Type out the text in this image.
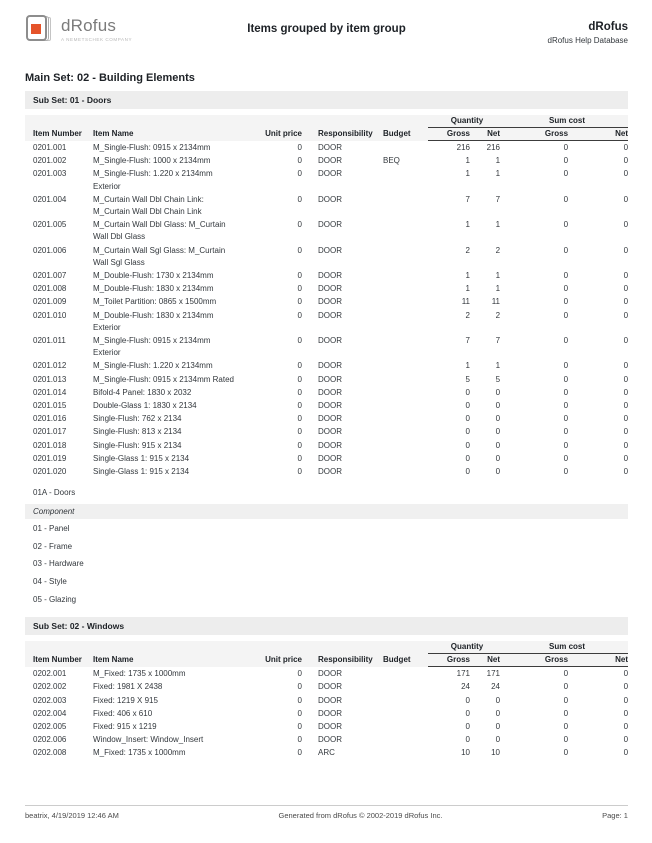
dRofus
A NEMETSCHEK COMPANY
Items grouped by item group	dRofus
dRofus Help Database
Main Set: 02 - Building Elements
Sub Set: 01 - Doors
					Quantity		Sum cost	
Item Number	Item Name	Unit price	Responsibility	Budget	Gross	Net	Gross	Net

0201.001	M_Single-Flush: 0915 x 2134mm	0	DOOR		216	216	0	0

0201.002	M_Single-Flush: 1000 x 2134mm	0	DOOR	BEQ	1	1	0	0

0201.003	M_Single-Flush: 1.220 x 2134mm
Exterior	0	DOOR		1	1	0	0

0201.004	M_Curtain Wall Dbl Chain Link:
M_Curtain Wall Dbl Chain Link	0	DOOR		7	7	0	0

0201.005	M_Curtain Wall Dbl Glass: M_Curtain
Wall Dbl Glass	0	DOOR		1	1	0	0

0201.006	M_Curtain Wall Sgl Glass: M_Curtain
Wall Sgl Glass	0	DOOR		2	2	0	0

0201.007	M_Double-Flush: 1730 x 2134mm	0	DOOR		1	1	0	0

0201.008	M_Double-Flush: 1830 x 2134mm	0	DOOR		1	1	0	0

0201.009	M_Toilet Partition: 0865 x 1500mm	0	DOOR		11	11	0	0

0201.010	M_Double-Flush: 1830 x 2134mm
Exterior	0	DOOR		2	2	0	0

0201.011	M_Single-Flush: 0915 x 2134mm
Exterior	0	DOOR		7	7	0	0

0201.012	M_Single-Flush: 1.220 x 2134mm	0	DOOR		1	1	0	0

0201.013	M_Single-Flush: 0915 x 2134mm Rated	0	DOOR		5	5	0	0

0201.014	Bifold-4 Panel: 1830 x 2032	0	DOOR		0	0	0	0

0201.015	Double-Glass 1: 1830 x 2134	0	DOOR		0	0	0	0

0201.016	Single-Flush: 762 x 2134	0	DOOR		0	0	0	0

0201.017	Single-Flush: 813 x 2134	0	DOOR		0	0	0	0

0201.018	Single-Flush: 915 x 2134	0	DOOR		0	0	0	0

0201.019	Single-Glass 1: 915 x 2134	0	DOOR		0	0	0	0

0201.020	Single-Glass 1: 915 x 2134	0	DOOR		0	0	0	0
01A - Doors
Component
01 - Panel
02 - Frame
03 - Hardware
04 - Style
05 - Glazing
Sub Set: 02 - Windows
					Quantity		Sum cost	
Item Number	Item Name	Unit price	Responsibility	Budget	Gross	Net	Gross	Net

0202.001	M_Fixed: 1735 x 1000mm	0	DOOR		171	171	0	0

0202.002	Fixed: 1981 X 2438	0	DOOR		24	24	0	0

0202.003	Fixed: 1219 X 915	0	DOOR		0	0	0	0

0202.004	Fixed: 406 x 610	0	DOOR		0	0	0	0

0202.005	Fixed: 915 x 1219	0	DOOR		0	0	0	0

0202.006	Window_Insert: Window_Insert	0	DOOR		0	0	0	0

0202.008	M_Fixed: 1735 x 1000mm	0	ARC		10	10	0	0
beatrix, 4/19/2019 12:46 AM	Generated from dRofus © 2002-2019 dRofus Inc.	Page: 1
